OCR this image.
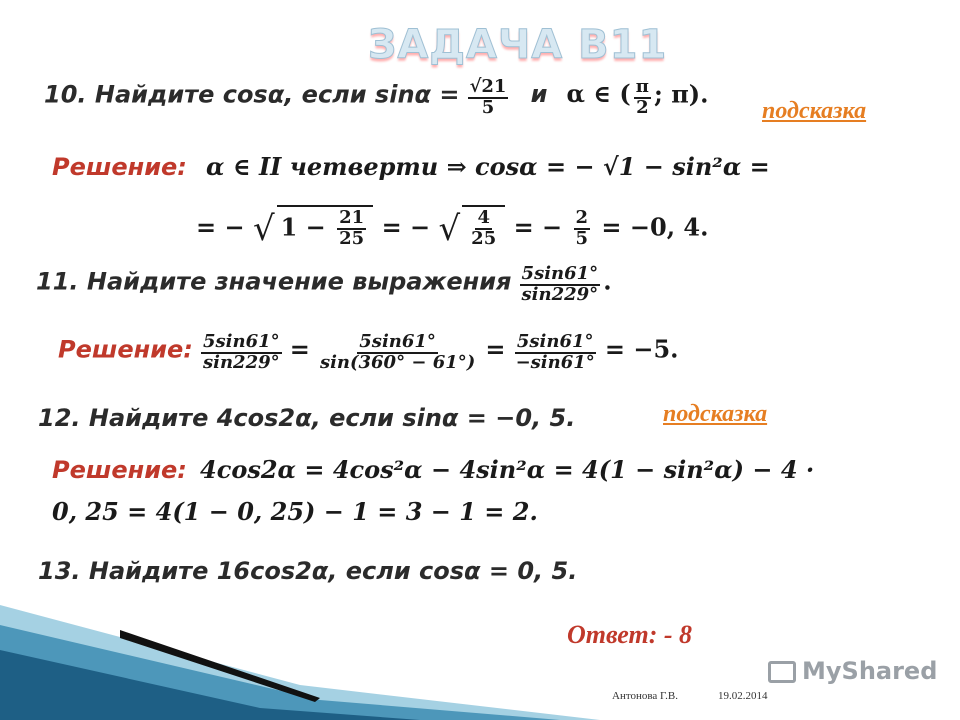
ЗАДАЧА B11
10. Найдите cosα, если $\sin\alpha = \frac{√21}{5}$ и α ∈ ( $\frac{\pi}{2}$ ; π).
подсказка
Решение: α ∈ II четверти ⇒ cosα = − √1 − sin²α =
= − √ $1 - \frac{21}{25}$ = − √ $\frac{4}{25}$ = − $\frac{2}{5} = -0$, 4.
11. Найдите значение выражения $\frac{5\sin 61^\circ}{\sin 229^\circ}$ .
Решение: $\frac{5\sin 61^\circ}{\sin 229^\circ} = \frac{5\sin 61^\circ}{\sin(360^\circ - 61^\circ)} = \frac{5\sin 61^\circ}{-\sin 61^\circ} = -5$.
12. Найдите 4cos2α, если sinα = −0, 5.	подсказка
Решение: 4cos2α = 4cos²α − 4sin²α = 4(1 − sin²α) − 4 ·
0, 25 = 4(1 − 0, 25) − 1 = 3 − 1 = 2.
13. Найдите 16cos2α, если cosα = 0, 5.
Ответ: - 8
MyShared
Антонова Г.В.	19.02.2014
